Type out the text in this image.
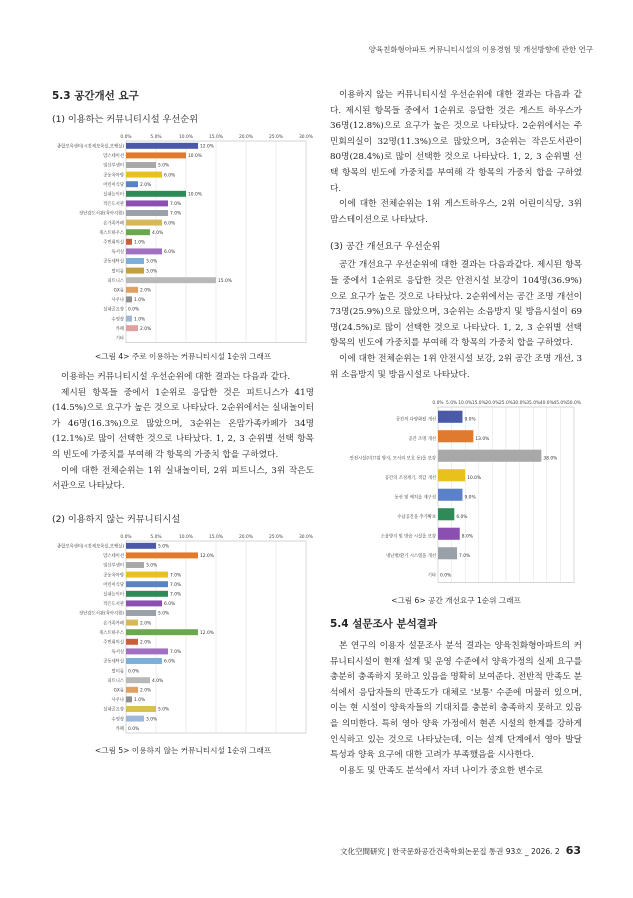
양육친화형아파트 커뮤니티시설의 이용경험 및 개선방향에 관한 연구
5.3 공간개선 요구
(1) 이용하는 커뮤니티시설 우선순위
0.0%	5.0%	10.0%	15.0%	20.0%	25.0%	30.0%
종합보육센터(시간제보육실,보행실)	12.0%
맘스테이션	10.0%
임산부센터	5.0%
공동육아방	6.0%
어린이식당	2.0%
실내놀이터	10.0%
작은도서관	7.0%
장난감도서관(육아지원)	7.0%
온가족카페	6.0%
게스트하우스	4.0%
주민회의실 1.0%
독서실	6.0%
공동세탁실	3.0%
멀티룸	3.0%
피트니스	15.0%
GX룸	2.0%
사우나 1.0%
실내골프장 0.0%
수영장 1.0%
카페	2.0%
기타
<그림 4> 주로 이용하는 커뮤니티시설 1순위 그래프

이용하는 커뮤니티시설 우선순위에 대한 결과는 다음과 같다.

제시된 항목들 중에서 1순위로 응답한 것은 피트니스가 41명(14.5%)으로 요구가 높은 것으로 나타났다. 2순위에서는 실내놀이터가 46명(16.3%)으로 많았으며, 3순위는 온맘가족카페가 34명(12.1%)로 많이 선택한 것으로 나타났다. 1, 2, 3 순위별 선택 항목의 빈도에 가중치를 부여해 각 항목의 가중치 합을 구하였다.

이에 대한 전체순위는 1위 실내놀이터, 2위 피트니스, 3위 작은도서관으로 나타났다.

(2) 이용하지 않는 커뮤니티시설
0.0%	5.0%	10.0%	15.0%	20.0%	25.0%	30.0%
종합보육센터(시간제보육실,보행실)	5.0%
맘스테이션	12.0%
임산부센터	3.0%
공동육아방	7.0%
어린이식당	7.0%
실내놀이터	7.0%
작은도서관	6.0%
장난감도서관(육아지원)	5.0%
온가족카페	2.0%
게스트하우스	12.0%
주민회의실	2.0%
독서실	7.0%
공동세탁실	6.0%
멀티룸 0.0%
피트니스	4.0%
GX룸	2.0%
사우나 1.0%
실내골프장	5.0%
수영장	3.0%
카페 0.0%
<그림 5> 이용하지 않는 커뮤니티시설 1순위 그래프

이용하지 않는 커뮤니티시설 우선순위에 대한 결과는 다음과 같다. 제시된 항목들 중에서 1순위로 응답한 것은 게스트 하우스가 36명(12.8%)으로 요구가 높은 것으로 나타났다. 2순위에서는 주민회의실이 32명(11.3%)으로 많았으며, 3순위는 작은도서관이 80명(28.4%)로 많이 선택한 것으로 나타났다. 1, 2, 3 순위별 선택 항목의 빈도에 가중치를 부여해 각 항목의 가중치 합을 구하였다.

이에 대한 전체순위는 1위 게스트하우스, 2위 어린이식당, 3위 맘스테이션으로 나타났다.

(3) 공간 개선요구 우선순위

공간 개선요구 우선순위에 대한 결과는 다음과같다. 제시된 항목들 중에서 1순위로 응답한 것은 안전시설 보강이 104명(36.9%)으로 요구가 높은 것으로 나타났다. 2순위에서는 공간 조명 개선이 73명(25.9%)으로 많았으며, 3순위는 소음방지 및 방음시설이 69명(24.5%)로 많이 선택한 것으로 나타났다. 1, 2, 3 순위별 선택 항목의 빈도에 가중치를 부여해 각 항목의 가중치 합을 구하였다.

이에 대한 전체순위는 1위 안전시설 보강, 2위 공간 조명 개선, 3위 소음방지 및 방음시설로 나타났다.

0.0% 5.0% 10.0% 15.0% 20.0% 25.0% 30.0% 35.0% 40.0% 45.0% 50.0%
공간의 다양화될 개선	9.0%
공간 조명 개선	13.0%
안전시설(미끄럼 방지, 모서리 보호 등)을 보강	38.0%
공간의 조경계기, 색감 개선	10.0%
동선 및 배치를 재구성	9.0%
수납공간을 추가확보	6.0%
소음방지 및 방음 시설을 보강	8.0%
냉난방/환기 시스템을 개선	7.0%
기타 0.0%
<그림 6> 공간 개선요구 1순위 그래프
5.4 설문조사 분석결과

본 연구의 이용자 설문조사 분석 결과는 양육친화형아파트의 커뮤니티시설이 현재 설계 및 운영 수준에서 양육가정의 실제 요구를 충분히 충족하지 못하고 있음을 명확히 보여준다. 전반적 만족도 분석에서 응답자들의 만족도가 대체로 '보통' 수준에 머물러 있으며, 이는 현 시설이 양육자들의 기대치를 충분히 충족하지 못하고 있음을 의미한다. 특히 영아 양육 가정에서 현존 시설의 한계를 강하게 인식하고 있는 것으로 나타났는데, 이는 설계 단계에서 영아 발달 특성과 양육 요구에 대한 고려가 부족했음을 시사한다.

이용도 및 만족도 분석에서 자녀 나이가 중요한 변수로

文化空間研究 | 한국문화공간건축학회논문집 통권 93호 _ 2026. 2 63
